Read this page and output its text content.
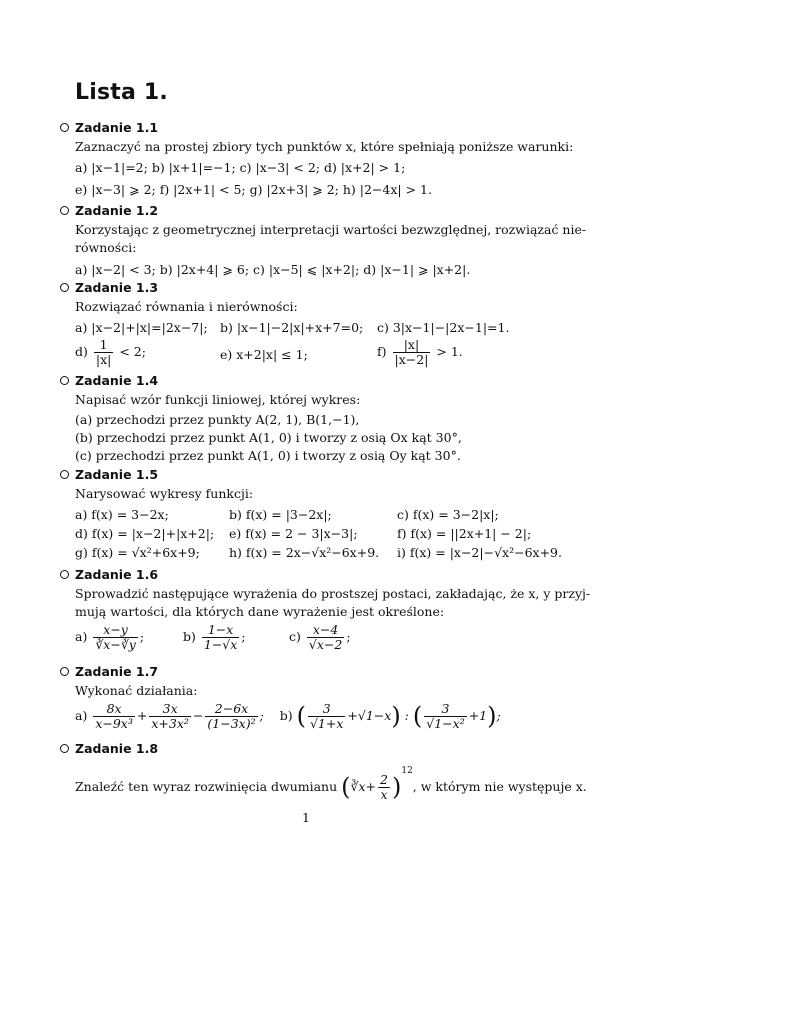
Lista 1.
Zadanie 1.1
Zaznaczyć na prostej zbiory tych punktów x, które spełniają poniższe warunki:
a) |x−1|=2; b) |x+1|=−1; c) |x−3| < 2; d) |x+2| > 1;
e) |x−3| ⩾ 2; f) |2x+1| < 5; g) |2x+3| ⩾ 2; h) |2−4x| > 1.
Zadanie 1.2
Korzystając z geometrycznej interpretacji wartości bezwzględnej, rozwiązać nie-
równości:
a) |x−2| < 3; b) |2x+4| ⩾ 6; c) |x−5| ⩽ |x+2|; d) |x−1| ⩾ |x+2|.
Zadanie 1.3
Rozwiązać równania i nierówności:
a) |x−2|+|x|=|2x−7|; b) |x−1|−2|x|+x+7=0; c) 3|x−1|−|2x−1|=1.
$d) \frac{1}{|x|} < 2$;	e) x+2|x| ≤ 1;	$f) \frac{|x|}{|x-2|} > 1$.
Zadanie 1.4
Napisać wzór funkcji liniowej, której wykres:
(a) przechodzi przez punkty A(2, 1), B(1,−1),
(b) przechodzi przez punkt A(1, 0) i tworzy z osią Ox kąt 30°,
(c) przechodzi przez punkt A(1, 0) i tworzy z osią Oy kąt 30°.
Zadanie 1.5
Narysować wykresy funkcji:
a) f(x) = 3−2x;	b) f(x) = |3−2x|;	c) f(x) = 3−2|x|;
d) f(x) = |x−2|+|x+2|; e) f(x) = 2 − 3|x−3|;	f) f(x) = ||2x+1| − 2|;
g) f(x) = √x²+6x+9; h) f(x) = 2x−√x²−6x+9. i) f(x) = |x−2|−√x²−6x+9.
Zadanie 1.6
Sprowadzić następujące wyrażenia do prostszej postaci, zakładając, że x, y przyj-
mują wartości, dla których dane wyrażenie jest określone:
$a) \frac{x-y}{∛x-∛y}$ ;	$b) \frac{1-x}{1-√x}$ ;	$c) \frac{x-4}{√x-2}$ ;
Zadanie 1.7
Wykonać działania:
$a) \frac{8x}{\text{x−9x³}} + \frac{3x}{\text{x+3x²}} - \frac{2-6x}{\text{(1−3x)²}}$ ;    b) ( $\frac{3}{√1+x} +√1-x$) : ( $\frac{3}{\text{√1−x²}} +1$);
Zadanie 1.8
Znaleźć ten wyraz rozwinięcia dwumianu (∛x+ $\frac{2}{x} )^{12}$, w którym nie występuje x.
1
